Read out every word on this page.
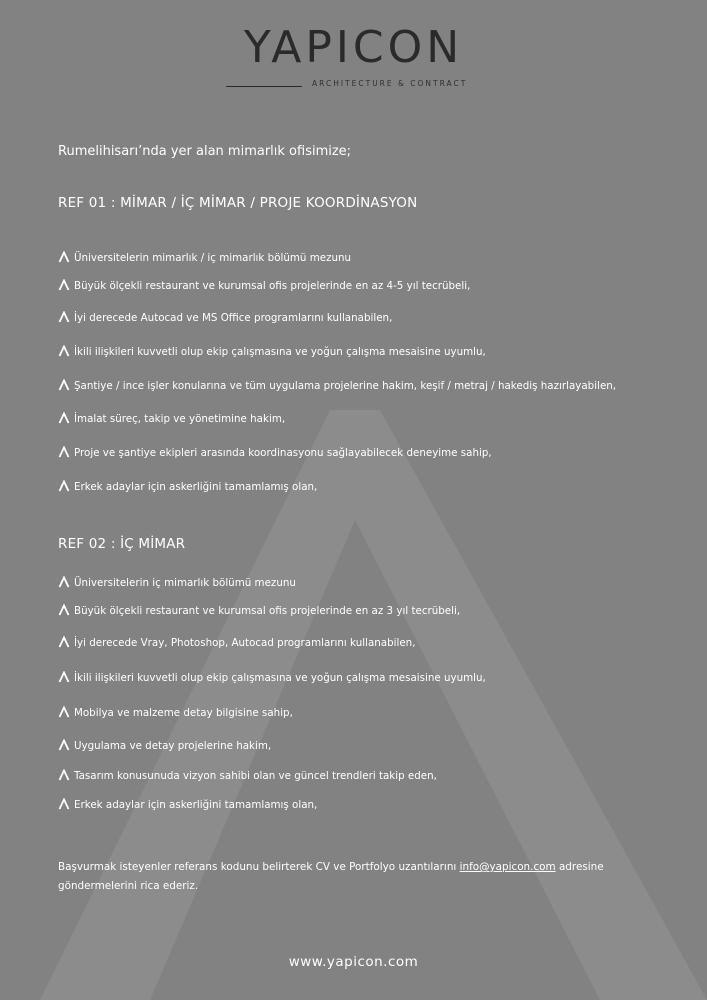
YAPICON
ARCHITECTURE & CONTRACT
Rumelihisarı’nda yer alan mimarlık ofisimize;
REF 01 : MİMAR / İÇ MİMAR / PROJE KOORDİNASYON
Üniversitelerin mimarlık / iç mimarlık bölümü mezunu
Büyük ölçekli restaurant ve kurumsal ofis projelerinde en az 4-5 yıl tecrübeli,
İyi derecede Autocad ve MS Office programlarını kullanabilen,
İkili ilişkileri kuvvetli olup ekip çalışmasına ve yoğun çalışma mesaisine uyumlu,
Şantiye / ince işler konularına ve tüm uygulama projelerine hakim, keşif / metraj / hakediş hazırlayabilen,
İmalat süreç, takip ve yönetimine hakim,
Proje ve şantiye ekipleri arasında koordinasyonu sağlayabilecek deneyime sahip,
Erkek adaylar için askerliğini tamamlamış olan,
REF 02 : İÇ MİMAR
Üniversitelerin iç mimarlık bölümü mezunu
Büyük ölçekli restaurant ve kurumsal ofis projelerinde en az 3 yıl tecrübeli,
İyi derecede Vray, Photoshop, Autocad programlarını kullanabilen,
İkili ilişkileri kuvvetli olup ekip çalışmasına ve yoğun çalışma mesaisine uyumlu,
Mobilya ve malzeme detay bilgisine sahip,
Uygulama ve detay projelerine hakim,
Tasarım konusunuda vizyon sahibi olan ve güncel trendleri takip eden,
Erkek adaylar için askerliğini tamamlamış olan,
Başvurmak isteyenler referans kodunu belirterek CV ve Portfolyo uzantılarını info@yapicon.com adresine göndermelerini rica ederiz.
www.yapicon.com
